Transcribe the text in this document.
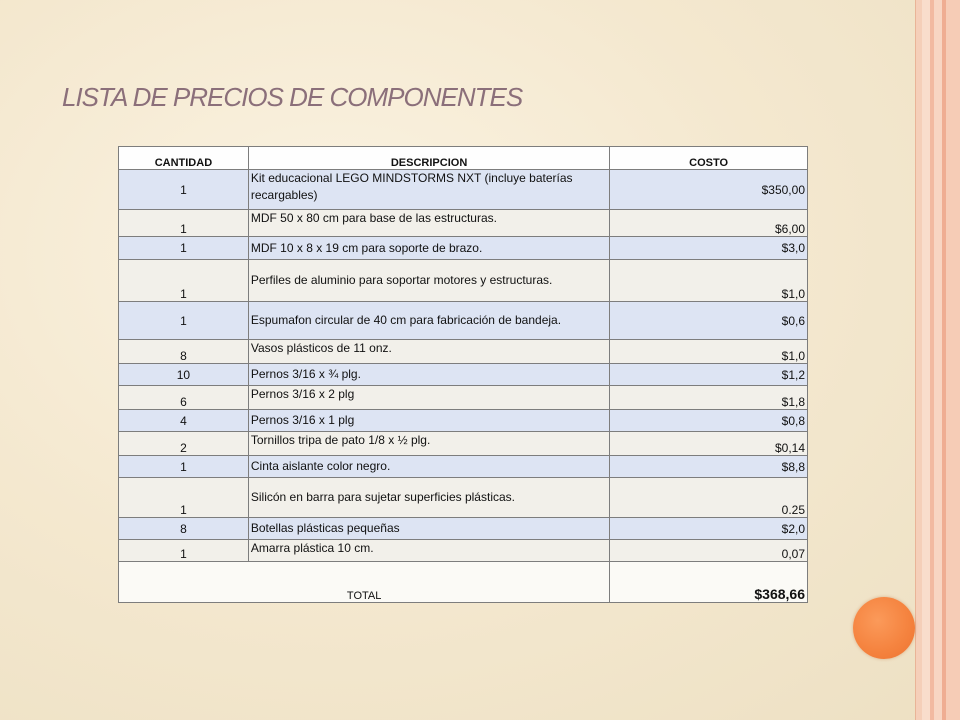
LISTA DE PRECIOS DE COMPONENTES
CANTIDAD	DESCRIPCION	COSTO
1	Kit educacional LEGO MINDSTORMS NXT (incluye baterías recargables)	$350,00
1	MDF 50 x 80 cm para base de las estructuras.	$6,00
1	MDF 10 x 8 x 19 cm para soporte de brazo.	$3,0
1	Perfiles de aluminio para soportar motores y estructuras.	$1,0
1	Espumafon circular de 40 cm para fabricación de bandeja.	$0,6
8	Vasos plásticos de 11 onz.	$1,0
10	Pernos 3/16 x ¾ plg.	$1,2
6	Pernos 3/16 x 2 plg	$1,8
4	Pernos 3/16 x 1 plg	$0,8
2	Tornillos tripa de pato 1/8 x ½ plg.	$0,14
1	Cinta aislante color negro.	$8,8
1	Silicón en barra para sujetar superficies plásticas.	0.25
8	Botellas plásticas pequeñas	$2,0
1	Amarra plástica 10 cm.	0,07
TOTAL		$368,66
